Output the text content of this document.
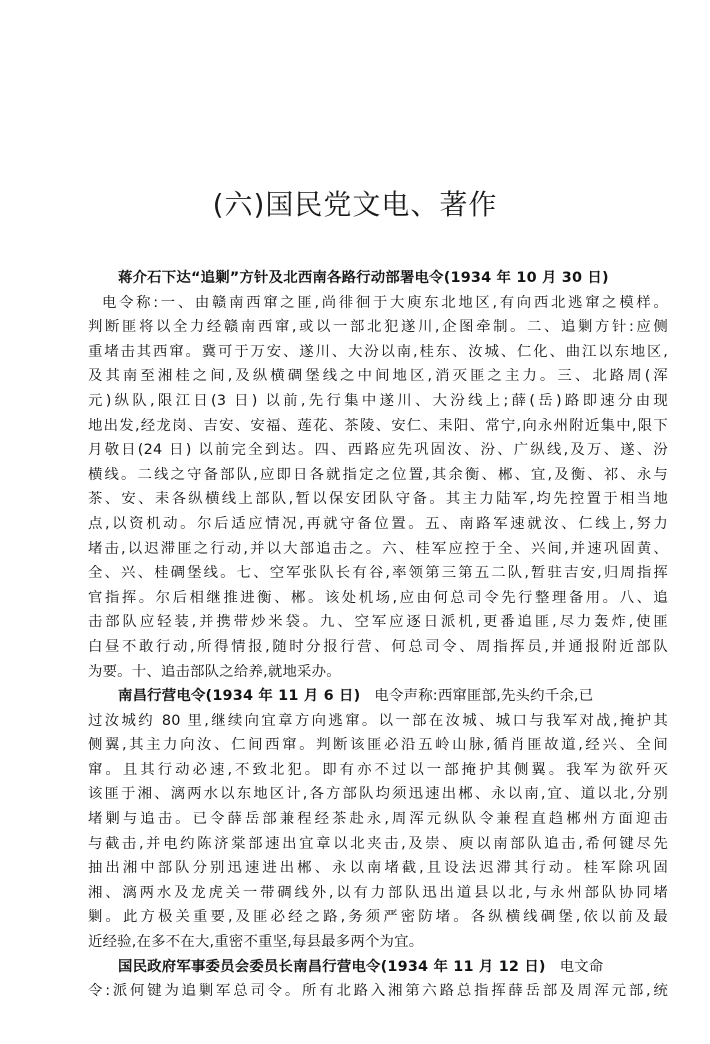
(六)国民党文电、著作
蒋介石下达“追剿”方针及北西南各路行动部署电令(1934 年 10 月 30 日)
电令称:一、由赣南西窜之匪,尚徘徊于大庾东北地区,有向西北逃窜之模样。
判断匪将以全力经赣南西窜,或以一部北犯遂川,企图牵制。二、追剿方针:应侧
重堵击其西窜。冀可于万安、遂川、大汾以南,桂东、汝城、仁化、曲江以东地区,
及其南至湘桂之间,及纵横碉堡线之中间地区,消灭匪之主力。三、北路周(浑
元)纵队,限江日(3 日) 以前,先行集中遂川、大汾线上;薛(岳)路即速分由现
地出发,经龙岗、吉安、安福、莲花、茶陵、安仁、耒阳、常宁,向永州附近集中,限下
月敬日(24 日) 以前完全到达。四、西路应先巩固汝、汾、广纵线,及万、遂、汾
横线。二线之守备部队,应即日各就指定之位置,其余衡、郴、宜,及衡、祁、永与
茶、安、耒各纵横线上部队,暂以保安团队守备。其主力陆军,均先控置于相当地
点,以资机动。尔后适应情况,再就守备位置。五、南路军速就汝、仁线上,努力
堵击,以迟滞匪之行动,并以大部追击之。六、桂军应控于全、兴间,并速巩固黄、
全、兴、桂碉堡线。七、空军张队长有谷,率领第三第五二队,暂驻吉安,归周指挥
官指挥。尔后相继推进衡、郴。该处机场,应由何总司令先行整理备用。八、追
击部队应轻装,并携带炒米袋。九、空军应逐日派机,更番追匪,尽力轰炸,使匪
白昼不敢行动,所得情报,随时分报行营、何总司令、周指挥员,并通报附近部队
为要。十、追击部队之给养,就地采办。
南昌行营电令(1934 年 11 月 6 日) 电令声称:西窜匪部,先头约千余,已
过汝城约 80 里,继续向宜章方向逃窜。以一部在汝城、城口与我军对战,掩护其
侧翼,其主力向汝、仁间西窜。判断该匪必沿五岭山脉,循肖匪故道,经兴、全间
窜。且其行动必速,不致北犯。即有亦不过以一部掩护其侧翼。我军为欲歼灭
该匪于湘、漓两水以东地区计,各方部队均须迅速出郴、永以南,宜、道以北,分别
堵剿与追击。已令薛岳部兼程经茶赴永,周浑元纵队令兼程直趋郴州方面迎击
与截击,并电约陈济棠部速出宜章以北夹击,及崇、庾以南部队追击,希何键尽先
抽出湘中部队分别迅速进出郴、永以南堵截,且设法迟滞其行动。桂军除巩固
湘、漓两水及龙虎关一带碉线外,以有力部队迅出道县以北,与永州部队协同堵
剿。此方极关重要,及匪必经之路,务须严密防堵。各纵横线碉堡,依以前及最
近经验,在多不在大,重密不重坚,每县最多两个为宜。
国民政府军事委员会委员长南昌行营电令(1934 年 11 月 12 日) 电文命
令:派何键为追剿军总司令。所有北路入湘第六路总指挥薛岳部及周浑元部,统
